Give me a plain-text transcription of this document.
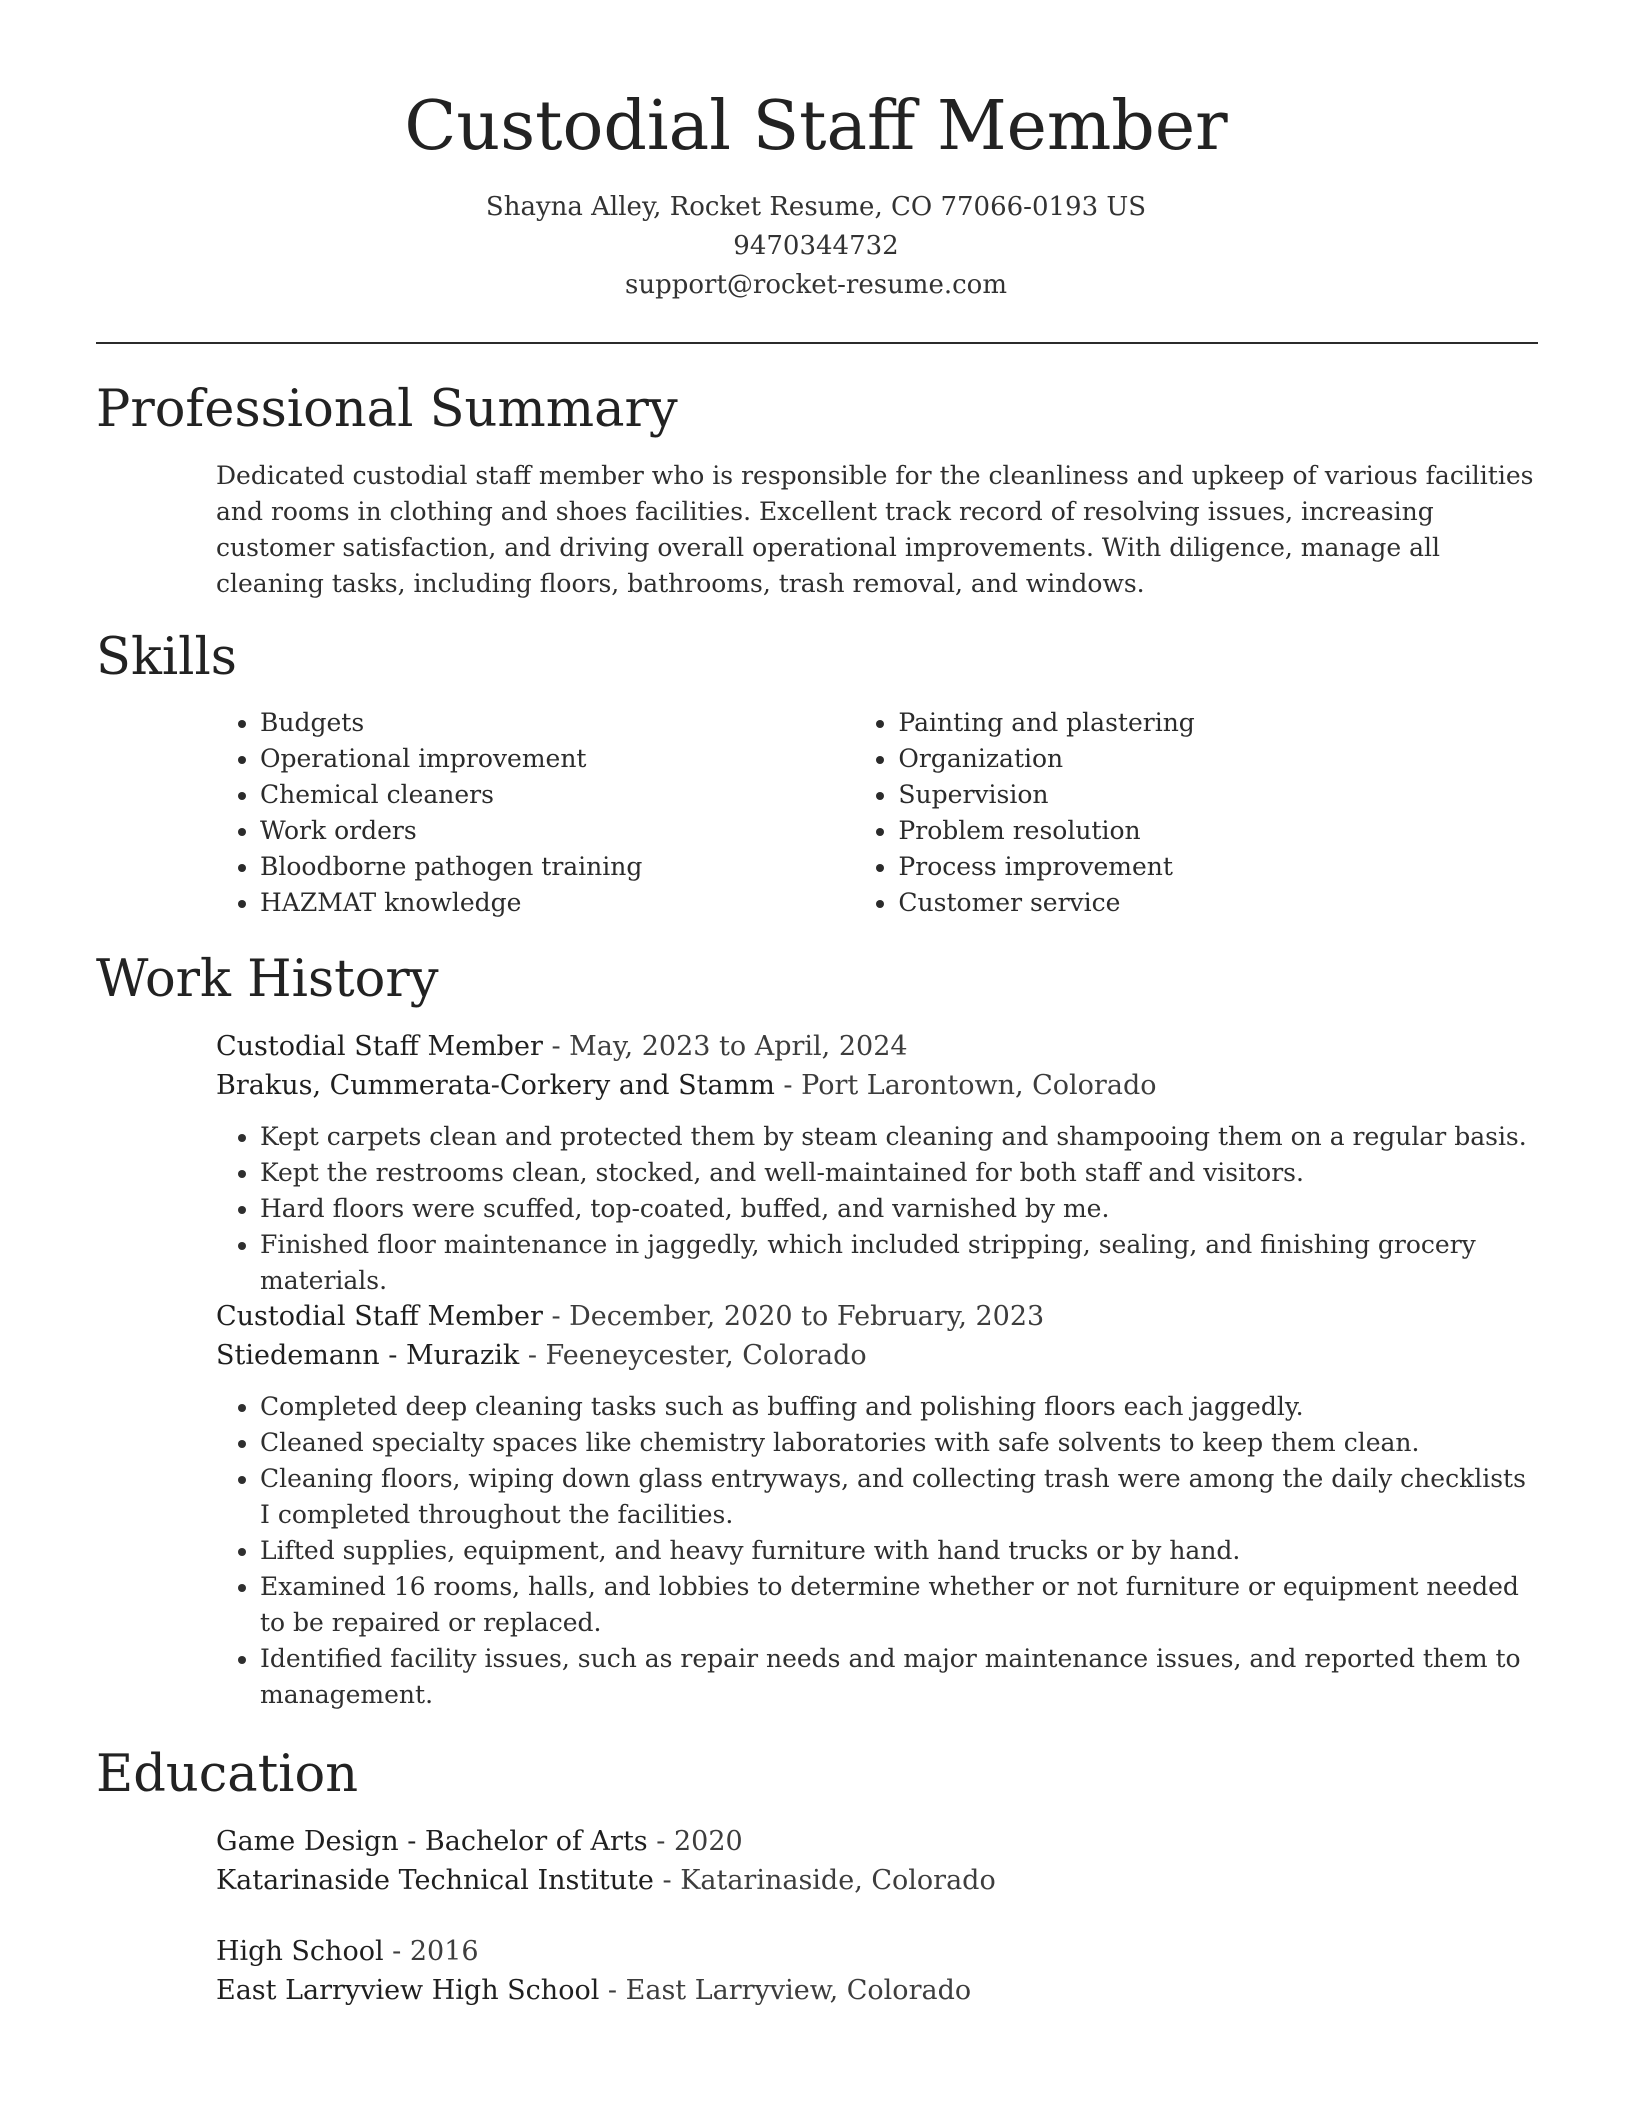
Custodial Staff Member
Shayna Alley, Rocket Resume, CO 77066-0193 US
9470344732
support@rocket-resume.com
Professional Summary

Dedicated custodial staff member who is responsible for the cleanliness and upkeep of various facilities and rooms in clothing and shoes facilities. Excellent track record of resolving issues, increasing customer satisfaction, and driving overall operational improvements. With diligence, manage all cleaning tasks, including floors, bathrooms, trash removal, and windows.

Skills
• Budgets
• Operational improvement
• Chemical cleaners
• Work orders
• Bloodborne pathogen training
• HAZMAT knowledge
• Painting and plastering
• Organization
• Supervision
• Problem resolution
• Process improvement
• Customer service
Work History
Custodial Staff Member - May, 2023 to April, 2024
Brakus, Cummerata-Corkery and Stamm - Port Larontown, Colorado
• Kept carpets clean and protected them by steam cleaning and shampooing them on a regular basis.
• Kept the restrooms clean, stocked, and well-maintained for both staff and visitors.
• Hard floors were scuffed, top-coated, buffed, and varnished by me.
• Finished floor maintenance in jaggedly, which included stripping, sealing, and finishing grocery materials.
Custodial Staff Member - December, 2020 to February, 2023
Stiedemann - Murazik - Feeneycester, Colorado
• Completed deep cleaning tasks such as buffing and polishing floors each jaggedly.
• Cleaned specialty spaces like chemistry laboratories with safe solvents to keep them clean.
• Cleaning floors, wiping down glass entryways, and collecting trash were among the daily checklists I completed throughout the facilities.
• Lifted supplies, equipment, and heavy furniture with hand trucks or by hand.
• Examined 16 rooms, halls, and lobbies to determine whether or not furniture or equipment needed to be repaired or replaced.
• Identified facility issues, such as repair needs and major maintenance issues, and reported them to management.
Education
Game Design - Bachelor of Arts - 2020
Katarinaside Technical Institute - Katarinaside, Colorado
High School - 2016
East Larryview High School - East Larryview, Colorado
